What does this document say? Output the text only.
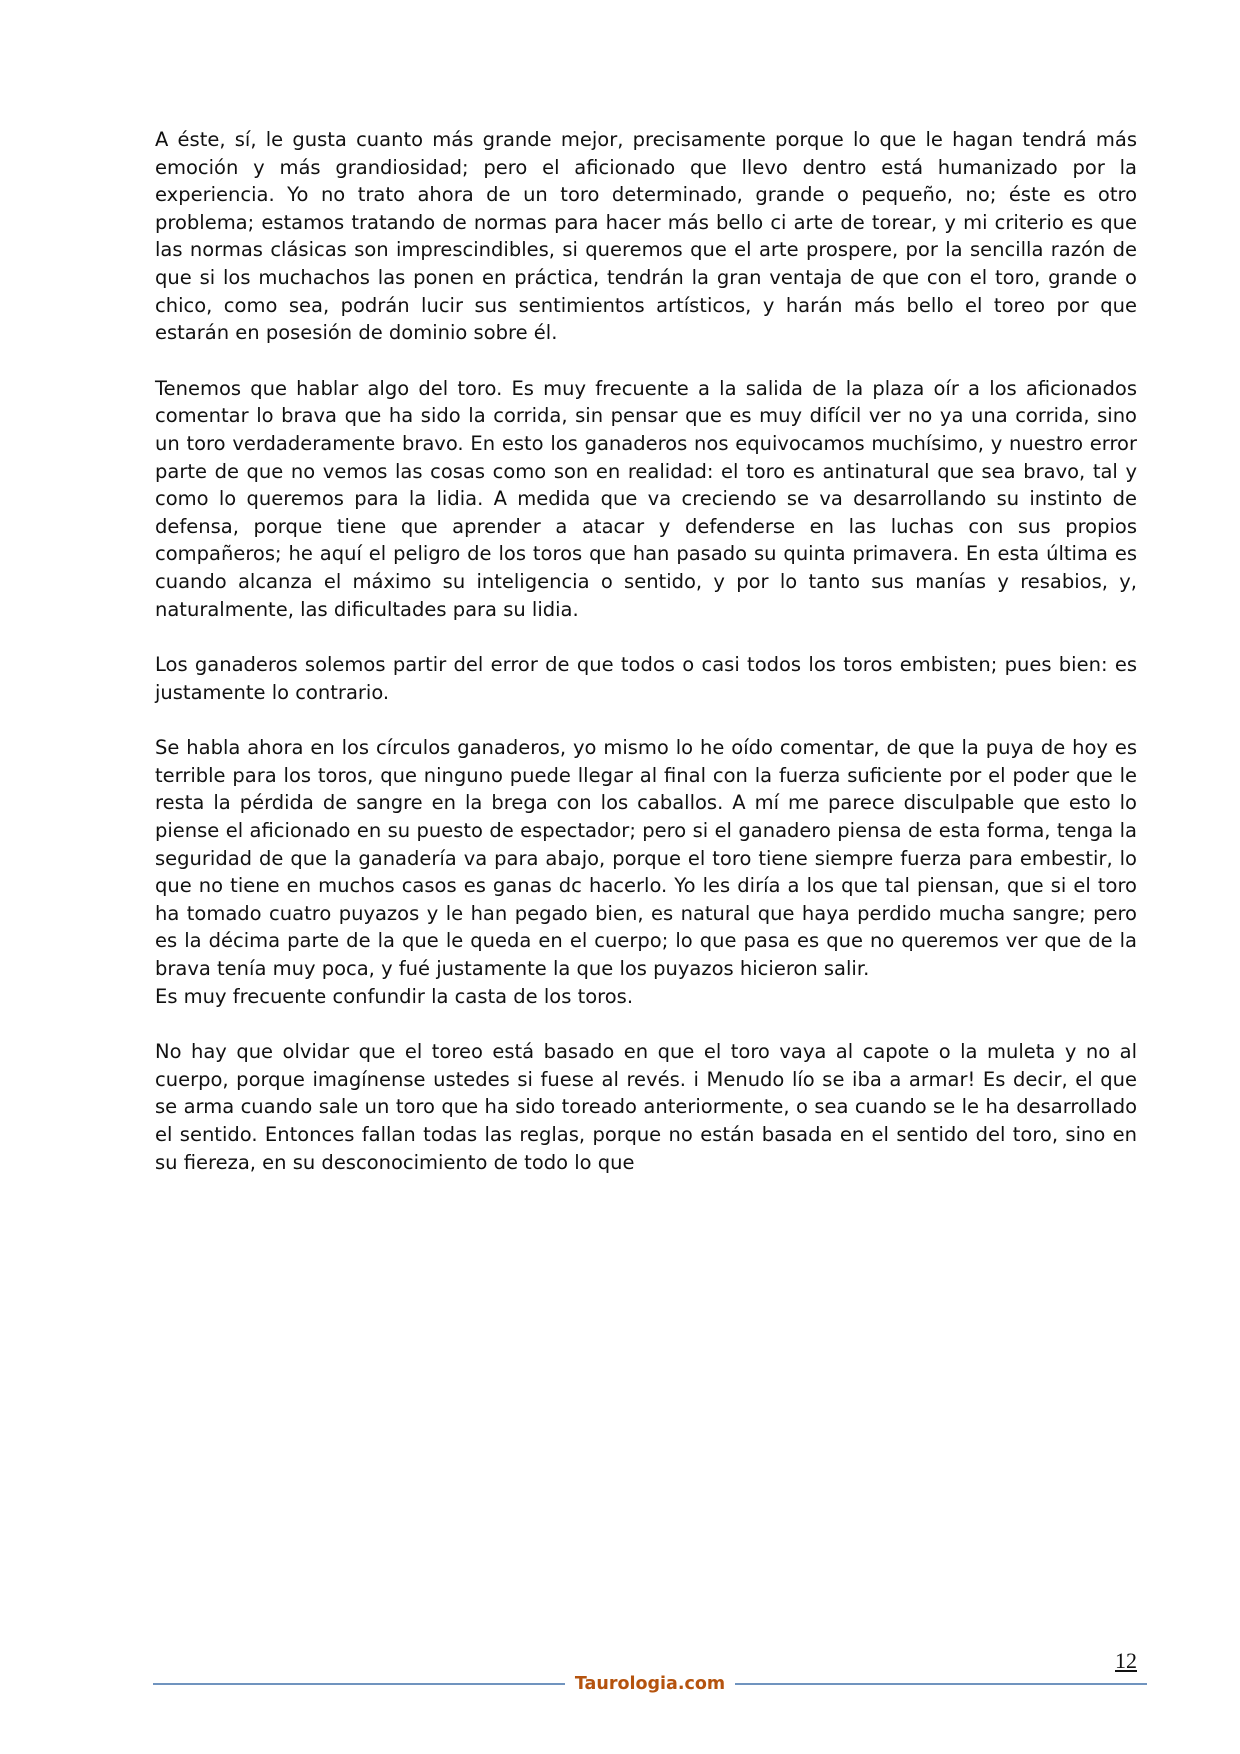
A éste, sí, le gusta cuanto más grande mejor, precisamente porque lo que le hagan tendrá más emoción y más grandiosidad; pero el aficionado que llevo dentro está humanizado por la experiencia. Yo no trato ahora de un toro determinado, grande o pequeño, no; éste es otro problema; estamos tratando de normas para hacer más bello ci arte de torear, y mi criterio es que las normas clásicas son imprescindibles, si queremos que el arte prospere, por la sencilla razón de que si los muchachos las ponen en práctica, tendrán la gran ventaja de que con el toro, grande o chico, como sea, podrán lucir sus sentimientos artísticos, y harán más bello el toreo por que estarán en posesión de dominio sobre él.

Tenemos que hablar algo del toro. Es muy frecuente a la salida de la plaza oír a los aficionados comentar lo brava que ha sido la corrida, sin pensar que es muy difícil ver no ya una corrida, sino un toro verdaderamente bravo. En esto los ganaderos nos equivocamos muchísimo, y nuestro error parte de que no vemos las cosas como son en realidad: el toro es antinatural que sea bravo, tal y como lo queremos para la lidia. A medida que va creciendo se va desarrollando su instinto de defensa, porque tiene que aprender a atacar y defenderse en las luchas con sus propios compañeros; he aquí el peligro de los toros que han pasado su quinta primavera. En esta última es cuando alcanza el máximo su inteligencia o sentido, y por lo tanto sus manías y resabios, y, naturalmente, las dificultades para su lidia.

Los ganaderos solemos partir del error de que todos o casi todos los toros embisten; pues bien: es justamente lo contrario.

Se habla ahora en los círculos ganaderos, yo mismo lo he oído comentar, de que la puya de hoy es terrible para los toros, que ninguno puede llegar al final con la fuerza suficiente por el poder que le resta la pérdida de sangre en la brega con los caballos. A mí me parece disculpable que esto lo piense el aficionado en su puesto de espectador; pero si el ganadero piensa de esta forma, tenga la seguridad de que la ganadería va para abajo, porque el toro tiene siempre fuerza para embestir, lo que no tiene en muchos casos es ganas dc hacerlo. Yo les diría a los que tal piensan, que si el toro ha tomado cuatro puyazos y le han pegado bien, es natural que haya perdido mucha sangre; pero es la décima parte de la que le queda en el cuerpo; lo que pasa es que no queremos ver que de la brava tenía muy poca, y fué justamente la que los puyazos hicieron salir.

Es muy frecuente confundir la casta de los toros.

No hay que olvidar que el toreo está basado en que el toro vaya al capote o la muleta y no al cuerpo, porque imagínense ustedes si fuese al revés. i Menudo lío se iba a armar! Es decir, el que se arma cuando sale un toro que ha sido toreado anteriormente, o sea cuando se le ha desarrollado el sentido. Entonces fallan todas las reglas, porque no están basada en el sentido del toro, sino en su fiereza, en su desconocimiento de todo lo que

12
Taurologia.com
